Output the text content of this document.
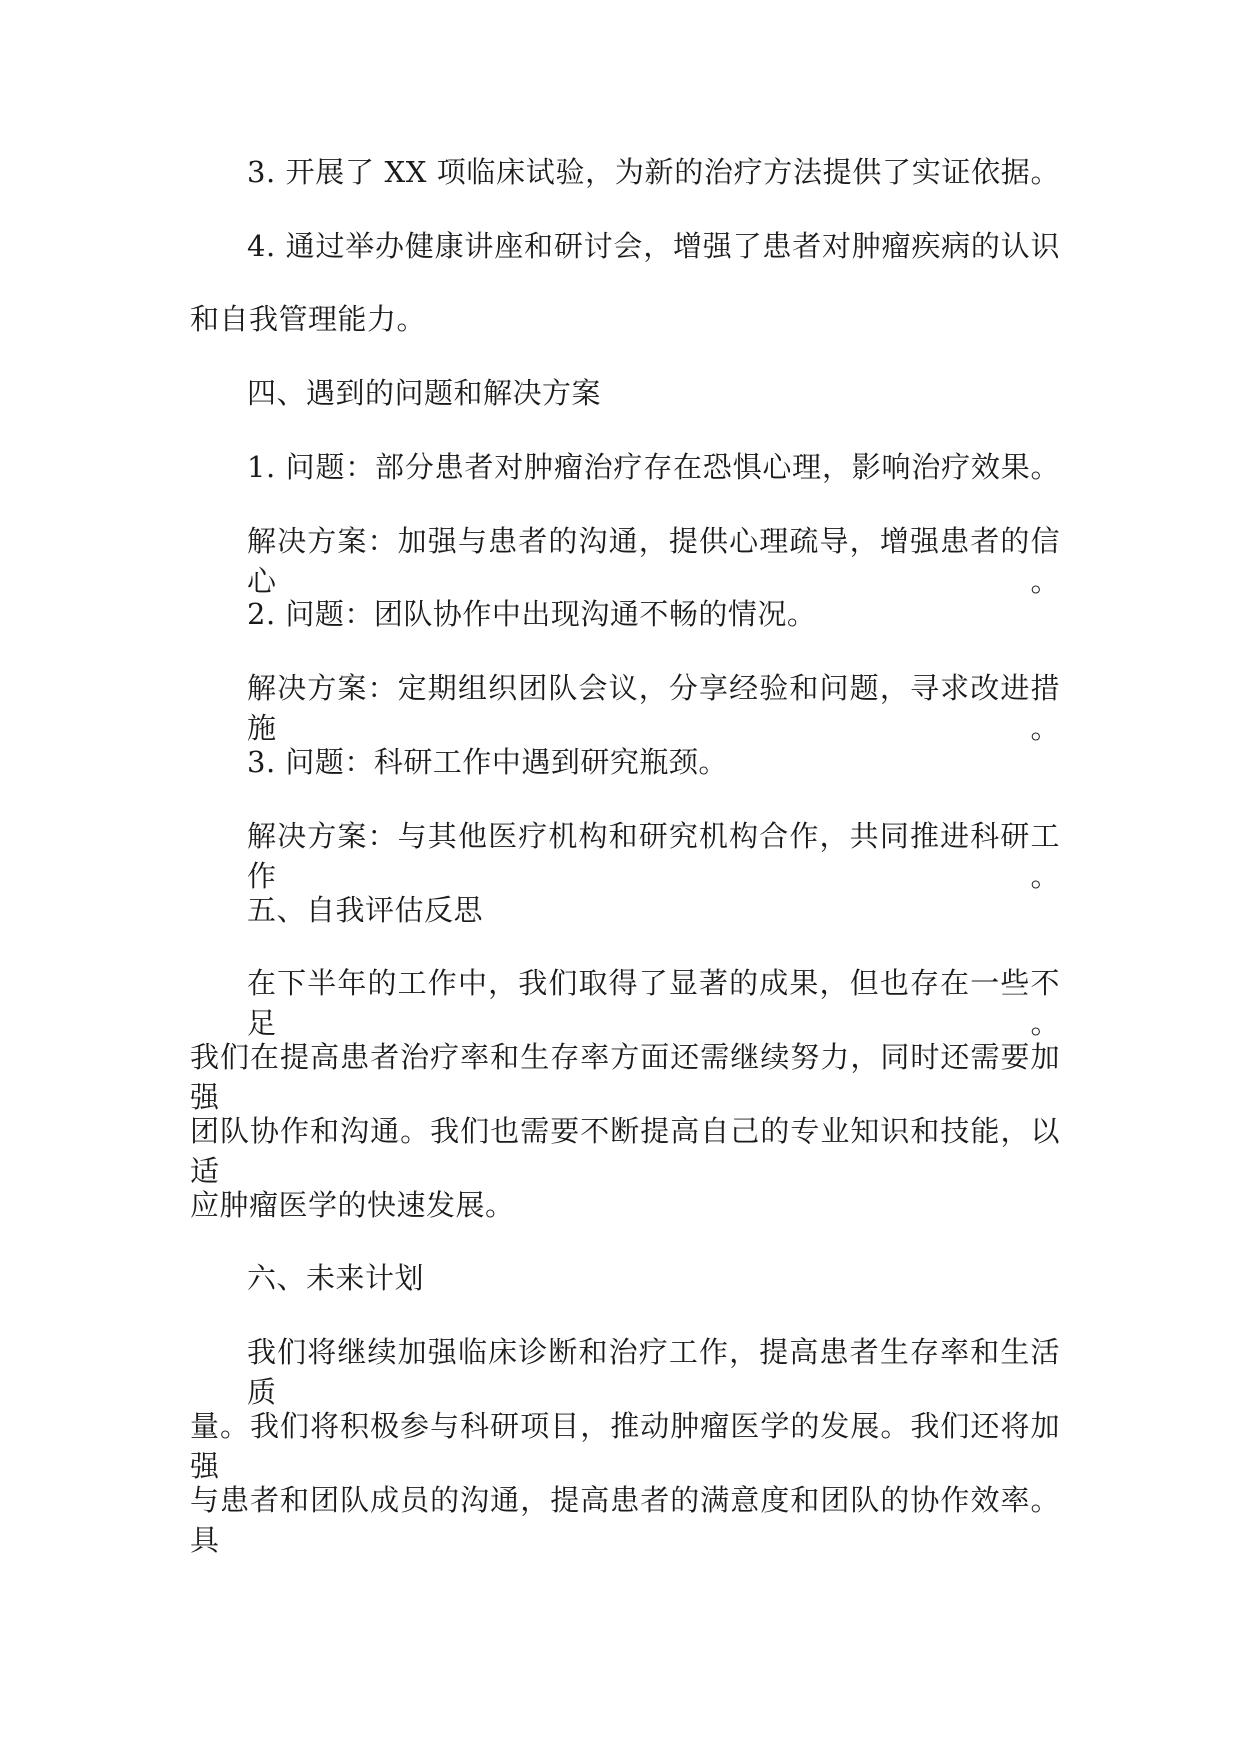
3. 开展了 XX 项临床试验，为新的治疗方法提供了实证依据。
4. 通过举办健康讲座和研讨会，增强了患者对肿瘤疾病的认识
和自我管理能力。
四、遇到的问题和解决方案
1. 问题：部分患者对肿瘤治疗存在恐惧心理，影响治疗效果。
解决方案：加强与患者的沟通，提供心理疏导，增强患者的信心。
2. 问题：团队协作中出现沟通不畅的情况。
解决方案：定期组织团队会议，分享经验和问题，寻求改进措施。
3. 问题：科研工作中遇到研究瓶颈。
解决方案：与其他医疗机构和研究机构合作，共同推进科研工作。
五、自我评估反思
在下半年的工作中，我们取得了显著的成果，但也存在一些不足。
我们在提高患者治疗率和生存率方面还需继续努力，同时还需要加强
团队协作和沟通。我们也需要不断提高自己的专业知识和技能，以适
应肿瘤医学的快速发展。
六、未来计划
我们将继续加强临床诊断和治疗工作，提高患者生存率和生活质
量。我们将积极参与科研项目，推动肿瘤医学的发展。我们还将加强
与患者和团队成员的沟通，提高患者的满意度和团队的协作效率。具
